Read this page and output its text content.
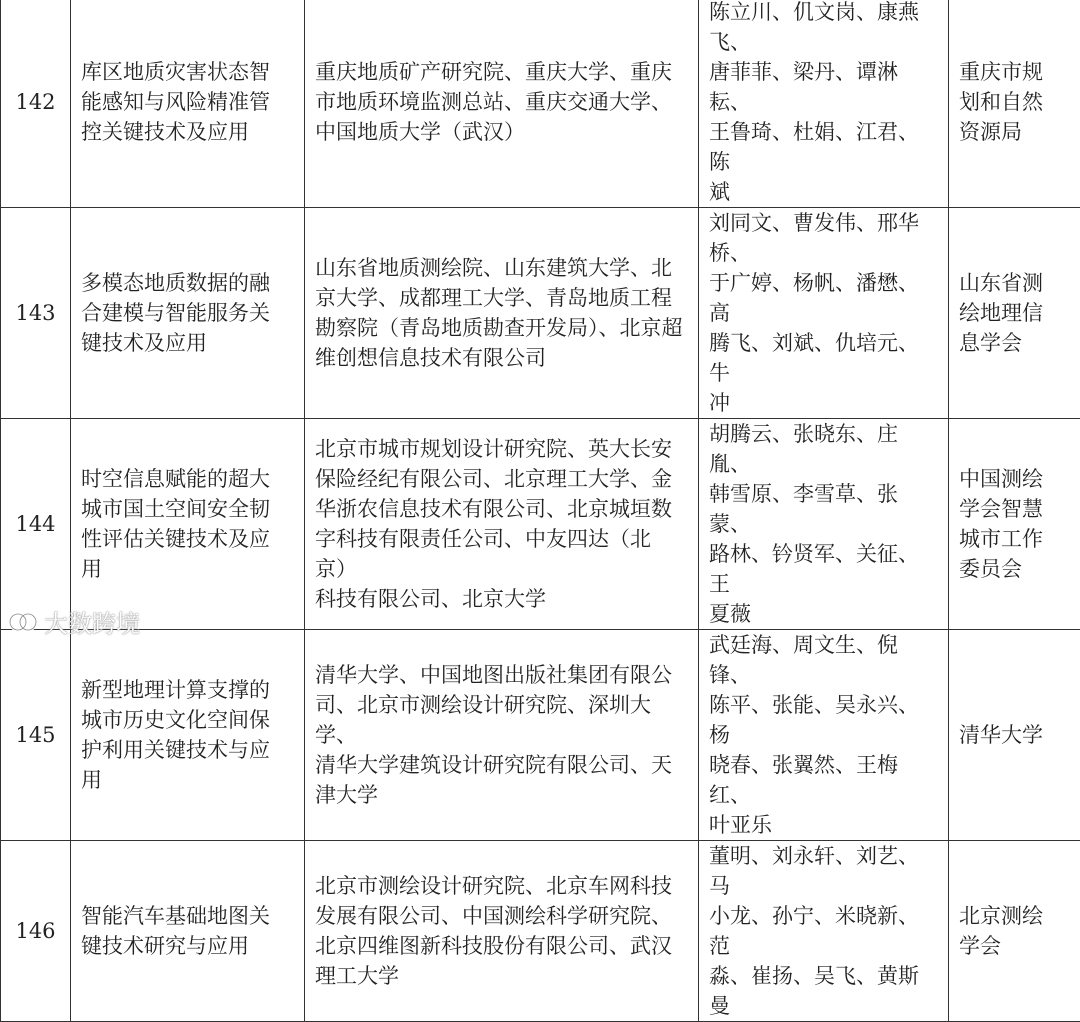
142	库区地质灾害状态智
能感知与风险精准管
控关键技术及应用	重庆地质矿产研究院、重庆大学、重庆
市地质环境监测总站、重庆交通大学、
中国地质大学（武汉）	陈立川、仉文岗、康燕飞、
唐菲菲、梁丹、谭淋耘、
王鲁琦、杜娟、江君、陈
斌	重庆市规
划和自然
资源局

143	多模态地质数据的融
合建模与智能服务关
键技术及应用	山东省地质测绘院、山东建筑大学、北
京大学、成都理工大学、青岛地质工程
勘察院（青岛地质勘查开发局）、北京超
维创想信息技术有限公司	刘同文、曹发伟、邢华桥、
于广婷、杨帆、潘懋、高
腾飞、刘斌、仇培元、牛
冲	山东省测
绘地理信
息学会

144	时空信息赋能的超大
城市国土空间安全韧
性评估关键技术及应
用	北京市城市规划设计研究院、英大长安
保险经纪有限公司、北京理工大学、金
华浙农信息技术有限公司、北京城垣数
字科技有限责任公司、中友四达（北京）
科技有限公司、北京大学	胡腾云、张晓东、庄胤、
韩雪原、李雪草、张蒙、
路林、钤贤军、关征、王
夏薇	中国测绘
学会智慧
城市工作
委员会

145	新型地理计算支撑的
城市历史文化空间保
护利用关键技术与应
用	清华大学、中国地图出版社集团有限公
司、北京市测绘设计研究院、深圳大学、
清华大学建筑设计研究院有限公司、天
津大学	武廷海、周文生、倪锋、
陈平、张能、吴永兴、杨
晓春、张翼然、王梅红、
叶亚乐	清华大学

146	智能汽车基础地图关
键技术研究与应用	北京市测绘设计研究院、北京车网科技
发展有限公司、中国测绘科学研究院、
北京四维图新科技股份有限公司、武汉
理工大学	董明、刘永轩、刘艺、马
小龙、孙宁、米晓新、范
淼、崔扬、吴飞、黄斯曼	北京测绘
学会
大数跨境
